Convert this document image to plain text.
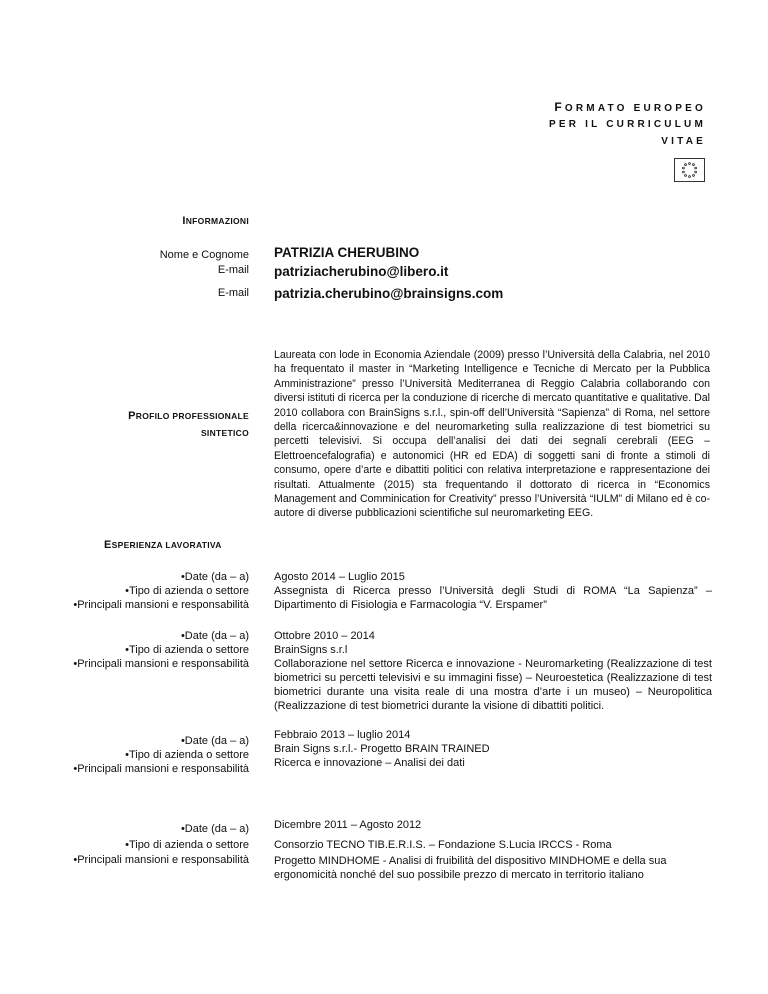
FORMATO EUROPEO
PER IL CURRICULUM
VITAE
INFORMAZIONI
Nome e Cognome
E-mail
E-mail
PATRIZIA CHERUBINO
patriziacherubino@libero.it
patrizia.cherubino@brainsigns.com
PROFILO PROFESSIONALE
SINTETICO
Laureata con lode in Economia Aziendale (2009) presso l’Università della Calabria, nel 2010 ha frequentato il master in “Marketing Intelligence e Tecniche di Mercato per la Pubblica Amministrazione” presso l’Università Mediterranea di Reggio Calabria collaborando con diversi istituti di ricerca per la conduzione di ricerche di mercato quantitative e qualitative. Dal 2010 collabora con BrainSigns s.r.l., spin-off dell’Università “Sapienza” di Roma, nel settore della ricerca&innovazione e del neuromarketing sulla realizzazione di test biometrici su percetti televisivi. Si occupa dell’analisi dei dati dei segnali cerebrali (EEG – Elettroencefalografia) e autonomici (HR ed EDA) di soggetti sani di fronte a stimoli di consumo, opere d’arte e dibattiti politici con relativa interpretazione e rappresentazione dei risultati. Attualmente (2015) sta frequentando il dottorato di ricerca in “Economics Management and Comminication for Creativity” presso l’Università “IULM” di Milano ed è co-autore di diverse pubblicazioni scientifiche sul neuromarketing EEG.
ESPERIENZA LAVORATIVA
• Date (da – a)
• Tipo di azienda o settore
• Principali mansioni e responsabilità
Agosto 2014 – Luglio 2015
Assegnista di Ricerca presso l’Università degli Studi di ROMA “La Sapienza” – Dipartimento di Fisiologia e Farmacologia “V. Erspamer”
• Date (da – a)
• Tipo di azienda o settore
• Principali mansioni e responsabilità
Ottobre 2010 – 2014
BrainSigns s.r.l
Collaborazione nel settore Ricerca e innovazione - Neuromarketing (Realizzazione di test biometrici su percetti televisivi e su immagini fisse) – Neuroestetica (Realizzazione di test biometrici durante una visita reale di una mostra d’arte i un museo) – Neuropolitica (Realizzazione di test biometrici durante la visione di dibattiti politici.
• Date (da – a)
• Tipo di azienda o settore
• Principali mansioni e responsabilità
Febbraio 2013 – luglio 2014
Brain Signs s.r.l.- Progetto BRAIN TRAINED
Ricerca e innovazione – Analisi dei dati
• Date (da – a)
• Tipo di azienda o settore
• Principali mansioni e responsabilità
Dicembre 2011 – Agosto 2012
Consorzio TECNO TIB.E.R.I.S. – Fondazione S.Lucia IRCCS - Roma
Progetto MINDHOME - Analisi di fruibilità del dispositivo MINDHOME e della sua ergonomicità nonché del suo possibile prezzo di mercato in territorio italiano
